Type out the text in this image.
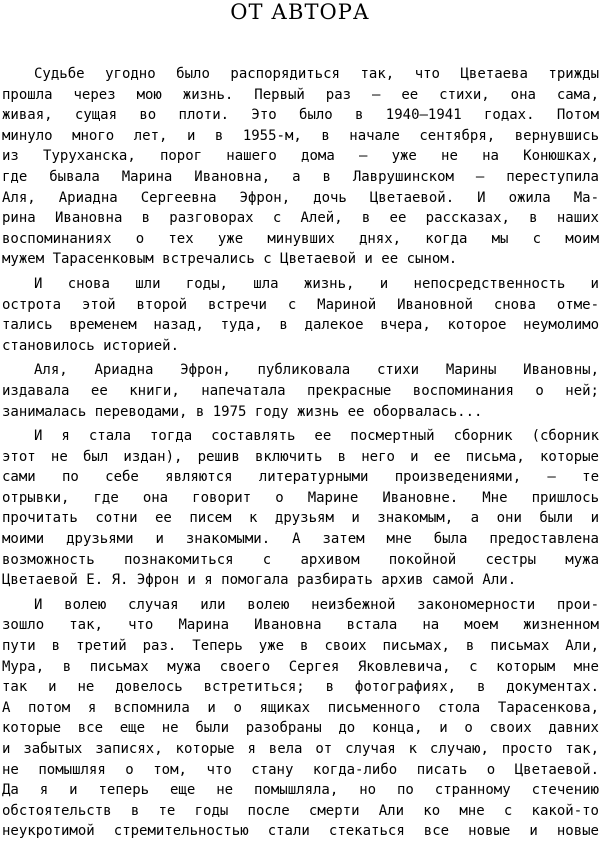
ОТ АВТОРА
Судьбе угодно было распорядиться так, что Цветаева трижды
прошла через мою жизнь. Первый раз — ее стихи, она сама,
живая, сущая во плоти. Это было в 1940—1941 годах. Потом
минуло много лет, и в 1955-м, в начале сентября, вернувшись
из Туруханска, порог нашего дома — уже не на Конюшках,
где бывала Марина Ивановна, а в Лаврушинском — переступила
Аля, Ариадна Сергеевна Эфрон, дочь Цветаевой. И ожила Ма-
рина Ивановна в разговорах с Алей, в ее рассказах, в наших
воспоминаниях о тех уже минувших днях, когда мы с моим
мужем Тарасенковым встречались с Цветаевой и ее сыном.
И снова шли годы, шла жизнь, и непосредственность и
острота этой второй встречи с Мариной Ивановной снова отме-
тались временем назад, туда, в далекое вчера, которое неумолимо
становилось историей.
Аля, Ариадна Эфрон, публиковала стихи Марины Ивановны,
издавала ее книги, напечатала прекрасные воспоминания о ней;
занималась переводами, в 1975 году жизнь ее оборвалась...
И я стала тогда составлять ее посмертный сборник (сборник
этот не был издан), решив включить в него и ее письма, которые
сами по себе являются литературными произведениями, — те
отрывки, где она говорит о Марине Ивановне. Мне пришлось
прочитать сотни ее писем к друзьям и знакомым, а они были и
моими друзьями и знакомыми. А затем мне была предоставлена
возможность познакомиться с архивом покойной сестры мужа
Цветаевой Е. Я. Эфрон и я помогала разбирать архив самой Али.
И волею случая или волею неизбежной закономерности прои-
зошло так, что Марина Ивановна встала на моем жизненном
пути в третий раз. Теперь уже в своих письмах, в письмах Али,
Мура, в письмах мужа своего Сергея Яковлевича, с которым мне
так и не довелось встретиться; в фотографиях, в документах.
А потом я вспомнила и о ящиках письменного стола Тарасенкова,
которые все еще не были разобраны до конца, и о своих давних
и забытых записях, которые я вела от случая к случаю, просто так,
не помышляя о том, что стану когда-либо писать о Цветаевой.
Да я и теперь еще не помышляла, но по странному стечению
обстоятельств в те годы после смерти Али ко мне с какой-то
неукротимой стремительностью стали стекаться все новые и новые
